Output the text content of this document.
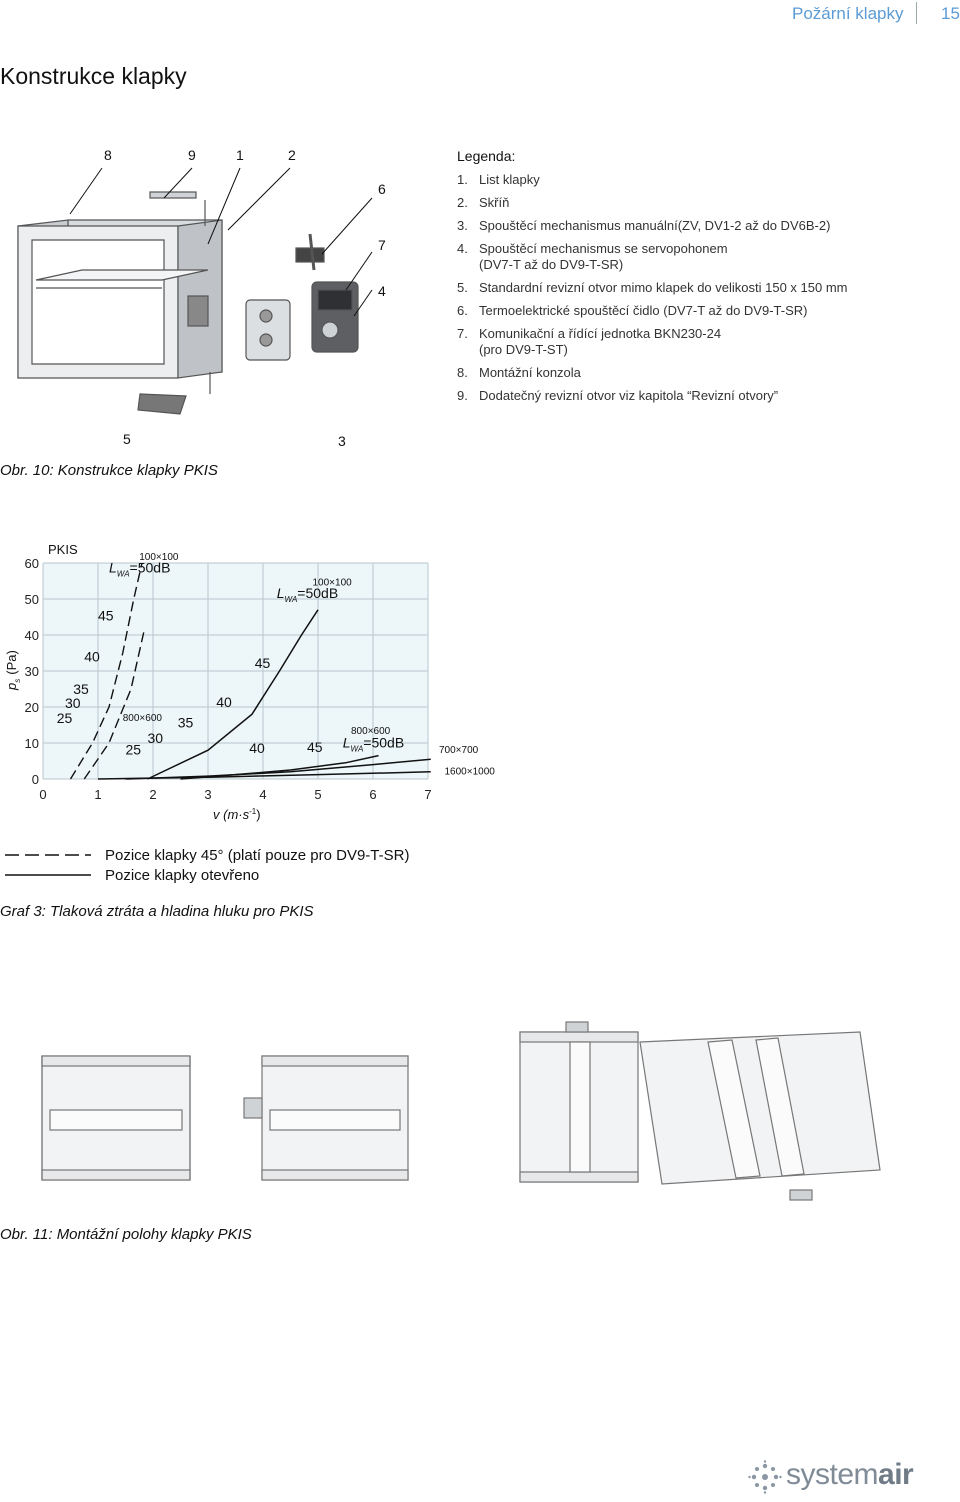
Požární klapky 15
Konstrukce klapky
8	9	1	2
6
7
4
5	3
Legenda:
1. List klapky
2. Skříň
3. Spouštěcí mechanismus manuální(ZV, DV1-2 až do DV6B-2)
4. Spouštěcí mechanismus se servopohonem
(DV7-T až do DV9-T-SR)
5. Standardní revizní otvor mimo klapek do velikosti 150 x 150 mm
6. Termoelektrické spouštěcí čidlo (DV7-T až do DV9-T-SR)
7. Komunikační a řídící jednotka BKN230-24
(pro DV9-T-ST)
8. Montážní konzola
9. Dodatečný revizní otvor viz kapitola “Revizní otvory”
Obr. 10: Konstrukce klapky PKIS
0	1	2	3	4	5	6	7
0
10
20
30
40
50
60	100×100
$L_{WA}=50dB$
100×100
$L_{WA}=50dB$
45
40	45
35
40
30
800×600
25	35
800×600
30	$L_{WA}=50dB$
45
40	700×700
25
1600×1000
PKIS
v $(m\cdot s^{-1})$
$p_s(Pa)$
Pozice klapky 45° (platí pouze pro DV9-T-SR)
Pozice klapky otevřeno
Graf 3: Tlaková ztráta a hladina hluku pro PKIS
Obr. 11: Montážní polohy klapky PKIS
systemair
